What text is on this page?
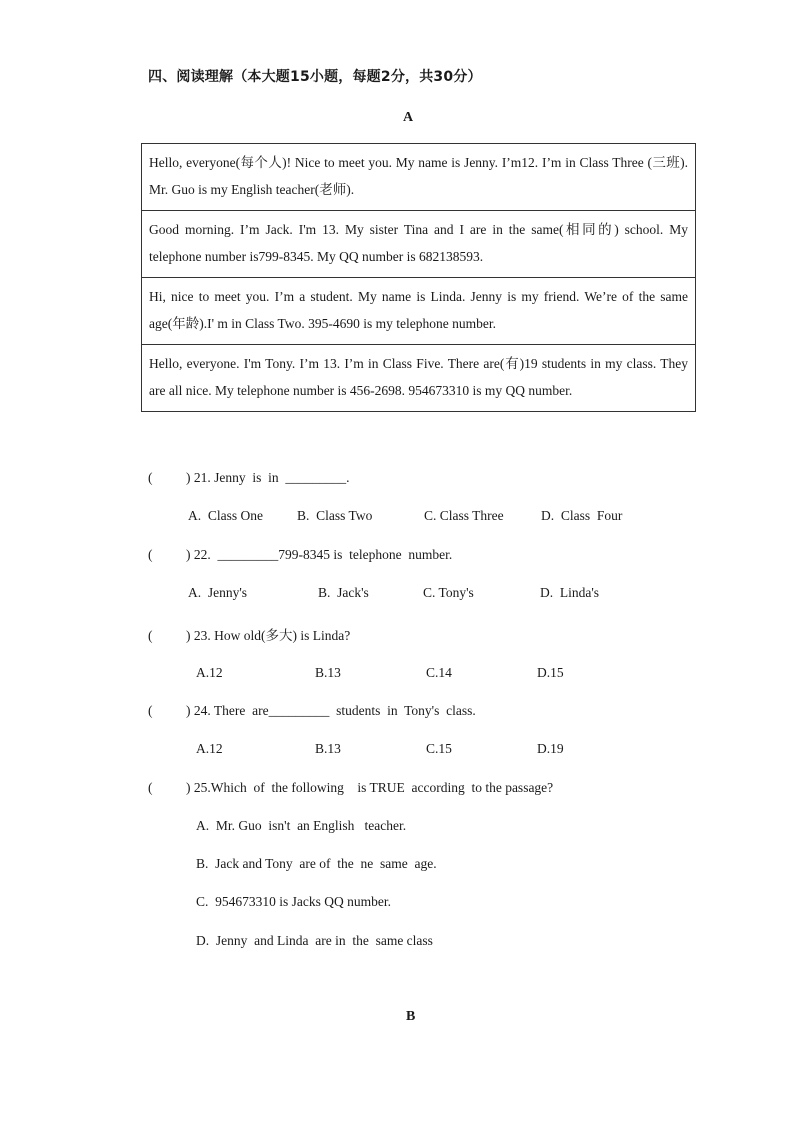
四、阅读理解（本大题15小题，每题2分，共30分）
A
Hello, everyone(每个人)! Nice to meet you. My name is Jenny. I’m12. I’m in Class Three (三班). Mr. Guo is my English teacher(老师).
Good morning. I’m Jack. I'm 13. My sister Tina and I are in the same(相同的) school. My telephone number is799-8345. My QQ number is 682138593.
Hi, nice to meet you. I’m a student. My name is Linda. Jenny is my friend. We’re of the same age(年龄).I' m in Class Two. 395-4690 is my telephone number.
Hello, everyone. I'm Tony. I’m 13. I’m in Class Five. There are(有)19 students in my class. They are all nice. My telephone number is 456-2698. 954673310 is my QQ number.
( ) 21. Jenny  is  in  _________.
A.  Class One	B.  Class Two	C. Class Three	D.  Class  Four
( ) 22.  _________799-8345 is  telephone  number.
A.  Jenny's	B.  Jack's	C. Tony's	D.  Linda's
( ) 23. How old(多大) is Linda?
A.12	B.13	C.14	D.15
( ) 24. There  are_________  students  in  Tony's  class.
A.12	B.13	C.15	D.19
( ) 25.Which  of  the following    is TRUE  according  to the passage?
A.  Mr. Guo  isn't  an English   teacher.
B.  Jack and Tony  are of  the  ne  same  age.
C.  954673310 is Jacks QQ number.
D.  Jenny  and Linda  are in  the  same class
B
